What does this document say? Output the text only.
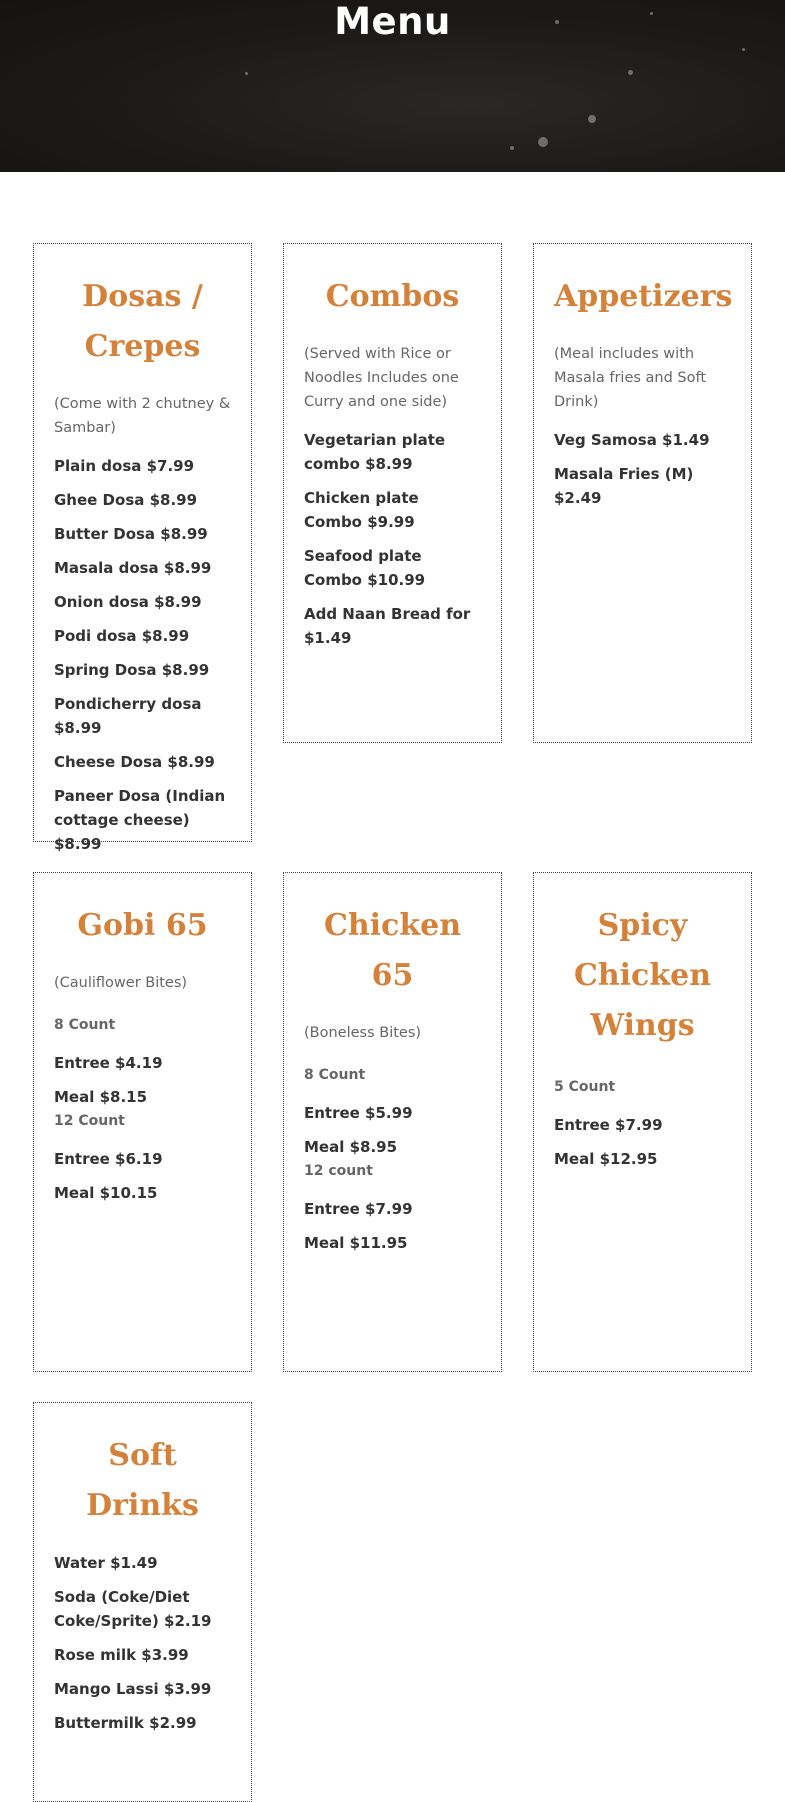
Menu
Dosas / Crepes

(Come with 2 chutney & Sambar)

Plain dosa $7.99
Ghee Dosa $8.99
Butter Dosa $8.99
Masala dosa $8.99
Onion dosa $8.99
Podi dosa $8.99
Spring Dosa $8.99
Pondicherry dosa $8.99
Cheese Dosa $8.99
Paneer Dosa (Indian cottage cheese) $8.99
Combos

(Served with Rice or Noodles Includes one Curry and one side)

Vegetarian plate combo $8.99
Chicken plate Combo $9.99
Seafood plate Combo $10.99
Add Naan Bread for $1.49
Appetizers

(Meal includes with Masala fries and Soft Drink)

Veg Samosa $1.49
Masala Fries (M) $2.49
Gobi 65

(Cauliflower Bites)

8 Count

Entree $4.19
Meal $8.15

12 Count

Entree $6.19
Meal $10.15
Chicken 65

(Boneless Bites)

8 Count

Entree $5.99
Meal $8.95

12 count

Entree $7.99
Meal $11.95
Spicy Chicken Wings

5 Count

Entree $7.99
Meal $12.95
Soft Drinks
Water $1.49
Soda (Coke/Diet Coke/Sprite) $2.19
Rose milk $3.99
Mango Lassi $3.99
Buttermilk $2.99
